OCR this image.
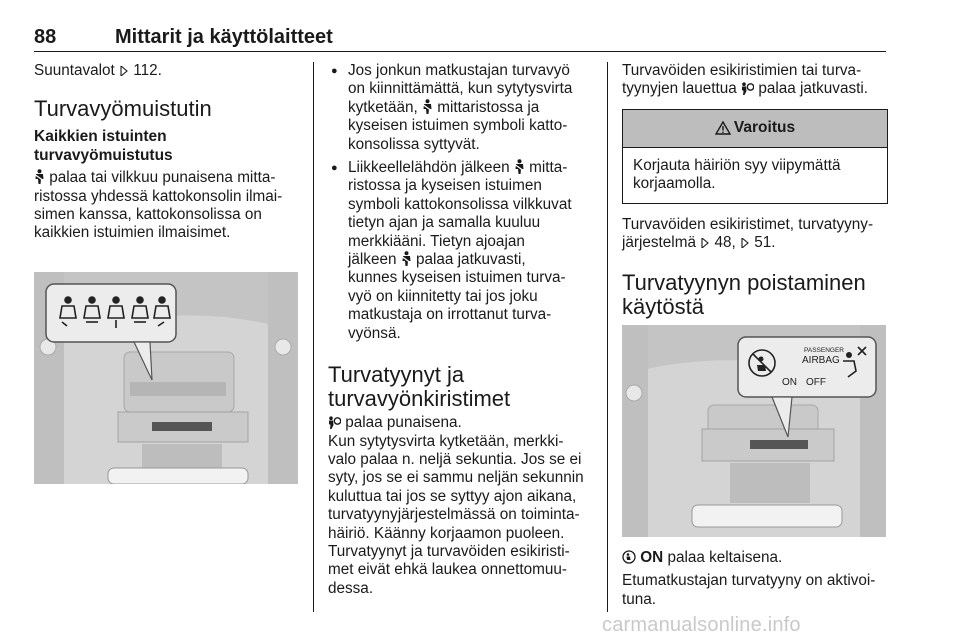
88	Mittarit ja käyttölaitteet

Suuntavalot 112.

Turvavyömuistutin

Kaikkien istuinten

turvavyömuistutus

palaa tai vilkkuu punaisena mitta-

ristossa yhdessä kattokonsolin ilmai-

simen kanssa, kattokonsolissa on

kaikkien istuimien ilmaisimet.

● Jos jonkun matkustajan turvavyö

on kiinnittämättä, kun sytytysvirta

kytketään, mittaristossa ja

kyseisen istuimen symboli katto-

konsolissa syttyvät.

● Liikkeellelähdön jälkeen mitta-

ristossa ja kyseisen istuimen

symboli kattokonsolissa vilkkuvat

tietyn ajan ja samalla kuuluu

merkkiääni. Tietyn ajoajan

jälkeen palaa jatkuvasti,

kunnes kyseisen istuimen turva-

vyö on kiinnitetty tai jos joku

matkustaja on irrottanut turva-

vyönsä.

Turvatyynyt ja

turvavyönkiristimet

palaa punaisena.

Kun sytytysvirta kytketään, merkki-

valo palaa n. neljä sekuntia. Jos se ei

syty, jos se ei sammu neljän sekunnin

kuluttua tai jos se syttyy ajon aikana,

turvatyynyjärjestelmässä on toiminta-

häiriö. Käänny korjaamon puoleen.

Turvatyynyt ja turvavöiden esikiristi-

met eivät ehkä laukea onnettomuu-

dessa.

Turvavöiden esikiristimien tai turva-

tyynyjen lauettua palaa jatkuvasti.

Varoitus

Korjauta häiriön syy viipymättä

korjaamolla.

Turvavöiden esikiristimet, turvatyyny-

järjestelmä 48, 51.

Turvatyynyn poistaminen

käytöstä

PASSENGER
AIRBAG
ON OFF

ON palaa keltaisena.

Etumatkustajan turvatyyny on aktivoi-

tuna.

carmanualsonline.info
